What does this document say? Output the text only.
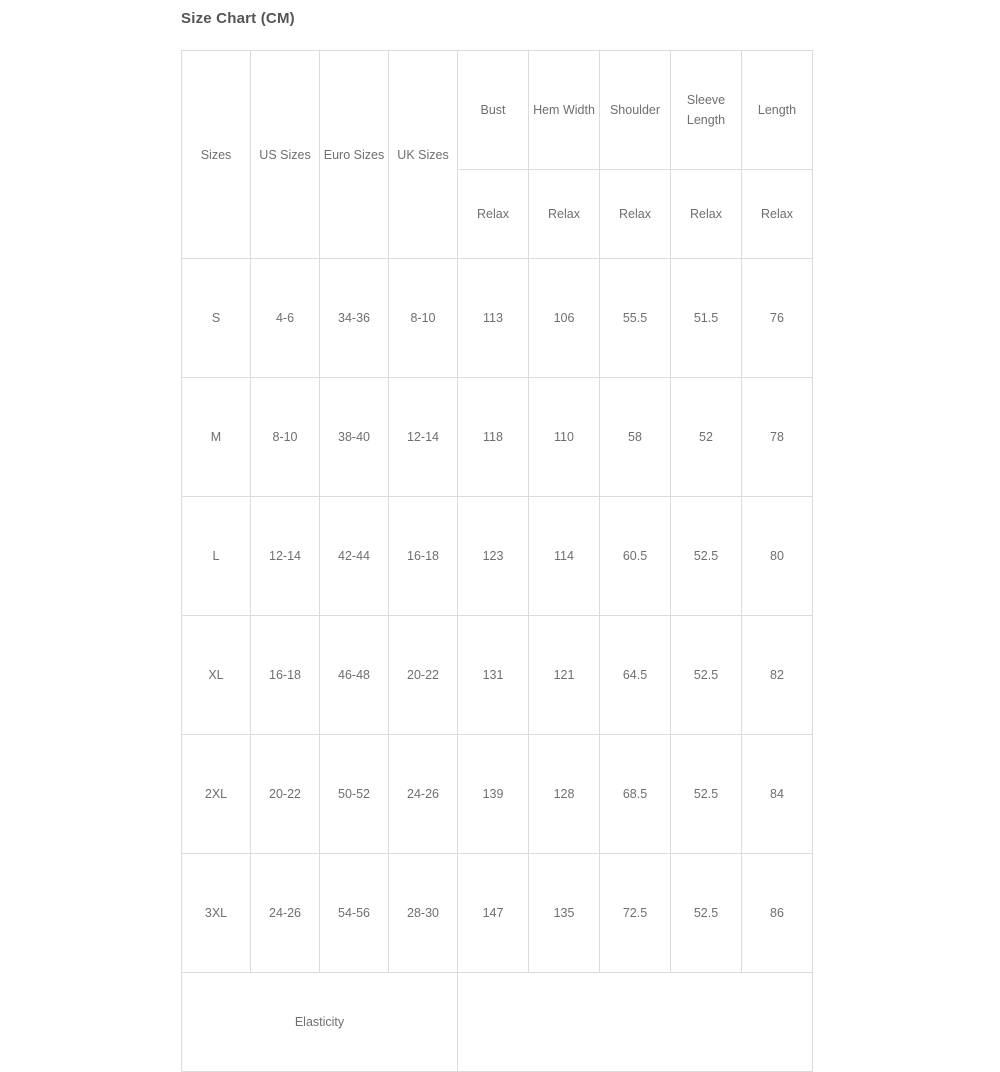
Size Chart (CM)
Sizes	US Sizes	Euro Sizes	UK Sizes	Bust	Hem Width	Shoulder	Sleeve Length	Length
				Relax	Relax	Relax	Relax	Relax
S	4-6	34-36	8-10	113	106	55.5	51.5	76
M	8-10	38-40	12-14	118	110	58	52	78
L	12-14	42-44	16-18	123	114	60.5	52.5	80
XL	16-18	46-48	20-22	131	121	64.5	52.5	82
2XL	20-22	50-52	24-26	139	128	68.5	52.5	84
3XL	24-26	54-56	28-30	147	135	72.5	52.5	86
Elasticity								
